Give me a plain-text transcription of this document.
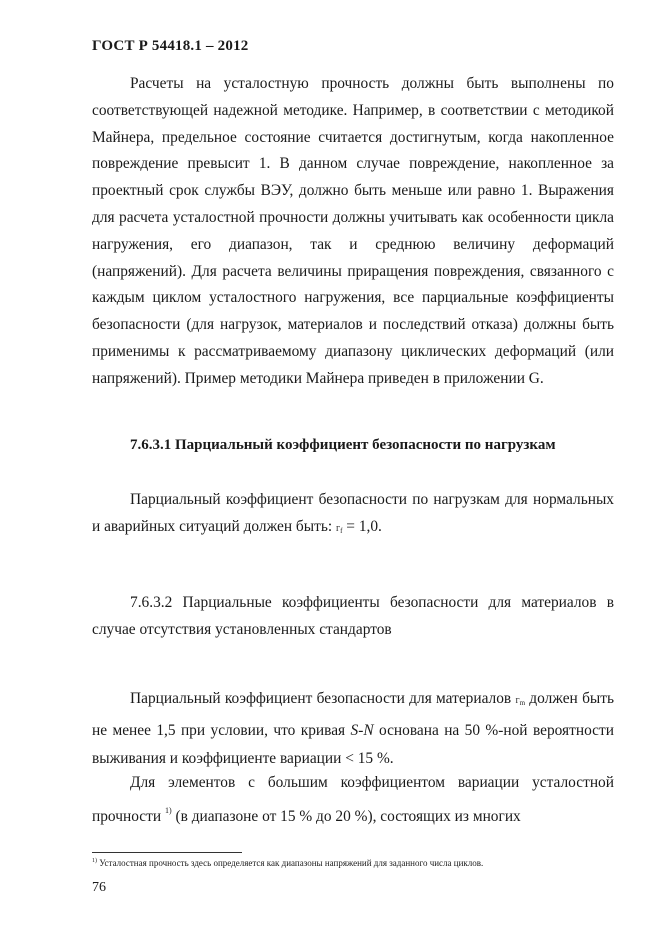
ГОСТ Р 54418.1 – 2012
Расчеты на усталостную прочность должны быть выполнены по соответствующей надежной методике. Например, в соответствии с методикой Майнера, предельное состояние считается достигнутым, когда накопленное повреждение превысит 1. В данном случае повреждение, накопленное за проектный срок службы ВЭУ, должно быть меньше или равно 1. Выражения для расчета усталостной прочности должны учитывать как особенности цикла нагружения, его диапазон, так и среднюю величину деформаций (напряжений). Для расчета величины приращения повреждения, связанного с каждым циклом усталостного нагружения, все парциальные коэффициенты безопасности (для нагрузок, материалов и последствий отказа) должны быть применимы к рассматриваемому диапазону циклических деформаций (или напряжений). Пример методики Майнера приведен в приложении G.
7.6.3.1 Парциальный коэффициент безопасности по нагрузкам
Парциальный коэффициент безопасности по нагрузкам для нормальных и аварийных ситуаций должен быть: $г_f = 1,0$.
7.6.3.2 Парциальные коэффициенты безопасности для материалов в случае отсутствия установленных стандартов
Парциальный коэффициент безопасности для материалов $г_m$ должен быть не менее 1,5 при условии, что кривая S-N основана на 50 %-ной вероятности выживания и коэффициенте вариации < 15 %.
Для элементов с большим коэффициентом вариации усталостной прочности $^{1)}$ (в диапазоне от 15 % до 20 %), состоящих из многих
$^{1)}$ Усталостная прочность здесь определяется как диапазоны напряжений для заданного числа циклов.
76
